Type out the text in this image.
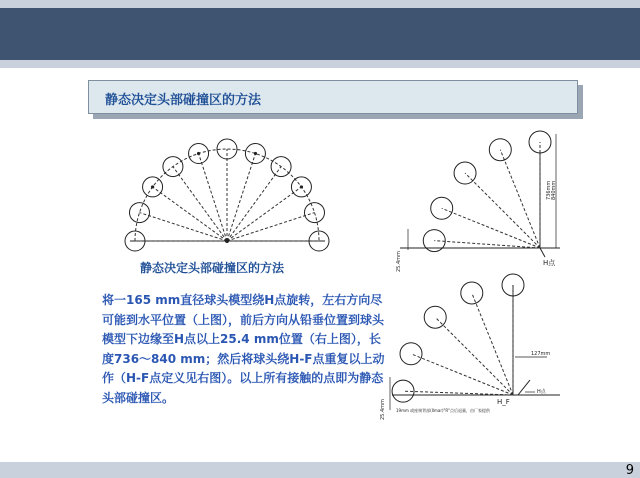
静态决定头部碰撞区的方法
25.4mm
736mm 840mm
H点
25.4mm
127mm
H_F
H点
19mm 或座椅背部(Ilmar)"R"点后退量，由厂家提供
静态决定头部碰撞区的方法
将一165 mm直径球头模型绕H点旋转，左右方向尽可能到水平位置（上图），前后方向从铅垂位置到球头模型下边缘至H点以上25.4 mm位置（右上图），长度736～840 mm；然后将球头绕H-F点重复以上动作（H-F点定义见右图）。以上所有接触的点即为静态头部碰撞区。
9
